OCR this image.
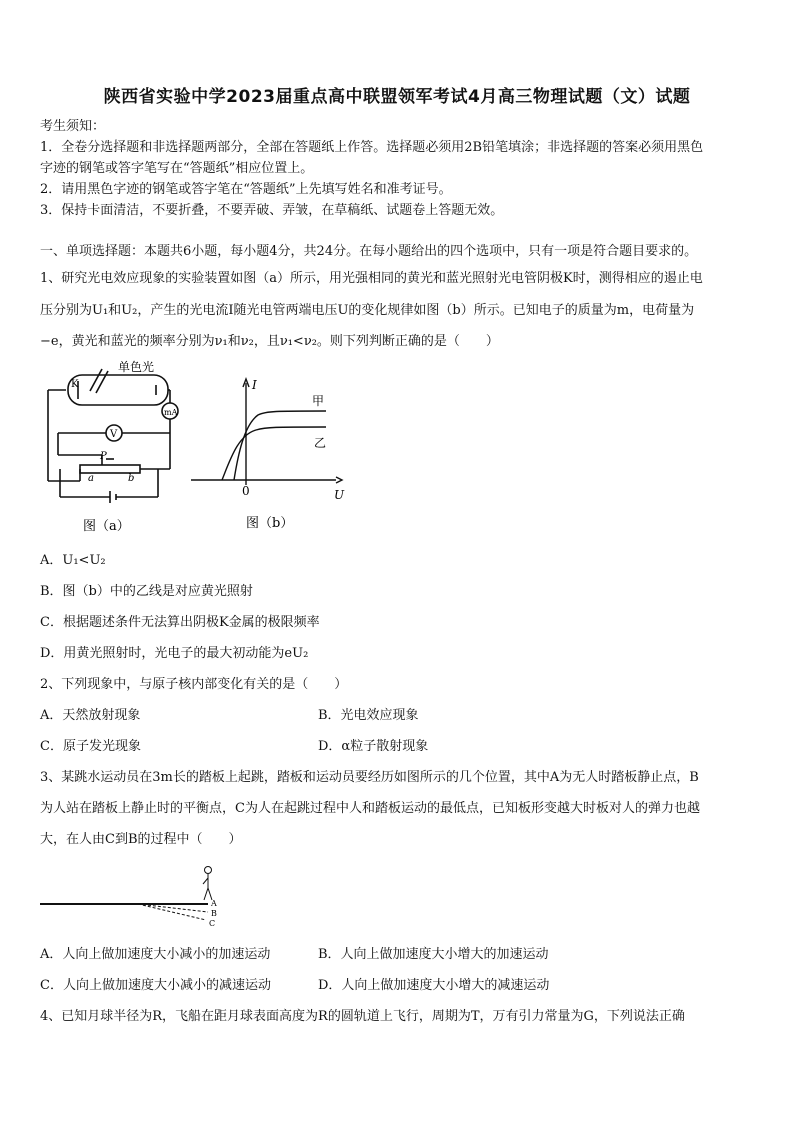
陕西省实验中学2023届重点高中联盟领军考试4月高三物理试题（文）试题
考生须知：
1．全卷分选择题和非选择题两部分，全部在答题纸上作答。选择题必须用2B铅笔填涂；非选择题的答案必须用黑色
字迹的钢笔或答字笔写在“答题纸”相应位置上。
2．请用黑色字迹的钢笔或答字笔在“答题纸”上先填写姓名和准考证号。
3．保持卡面清洁，不要折叠，不要弄破、弄皱，在草稿纸、试题卷上答题无效。
一、单项选择题：本题共6小题，每小题4分，共24分。在每小题给出的四个选项中，只有一项是符合题目要求的。
1、研究光电效应现象的实验装置如图（a）所示，用光强相同的黄光和蓝光照射光电管阴极K时，测得相应的遏止电
压分别为U₁和U₂，产生的光电流I随光电管两端电压U的变化规律如图（b）所示。已知电子的质量为m，电荷量为
−e，黄光和蓝光的频率分别为ν₁和ν₂，且ν₁<ν₂。则下列判断正确的是（　　）
单色光
K
mA
V
P
a	b
图（a）
I
U
0
甲
乙
图（b）
A．U₁<U₂
B．图（b）中的乙线是对应黄光照射
C．根据题述条件无法算出阴极K金属的极限频率
D．用黄光照射时，光电子的最大初动能为eU₂
2、下列现象中，与原子核内部变化有关的是（　　）
A．天然放射现象	B．光电效应现象
C．原子发光现象	D．α粒子散射现象
3、某跳水运动员在3m长的踏板上起跳，踏板和运动员要经历如图所示的几个位置，其中A为无人时踏板静止点，B
为人站在踏板上静止时的平衡点，C为人在起跳过程中人和踏板运动的最低点，已知板形变越大时板对人的弹力也越
大，在人由C到B的过程中（　　）
A
B
C
A．人向上做加速度大小减小的加速运动	B．人向上做加速度大小增大的加速运动
C．人向上做加速度大小减小的减速运动	D．人向上做加速度大小增大的减速运动
4、已知月球半径为R，飞船在距月球表面高度为R的圆轨道上飞行，周期为T，万有引力常量为G，下列说法正确
